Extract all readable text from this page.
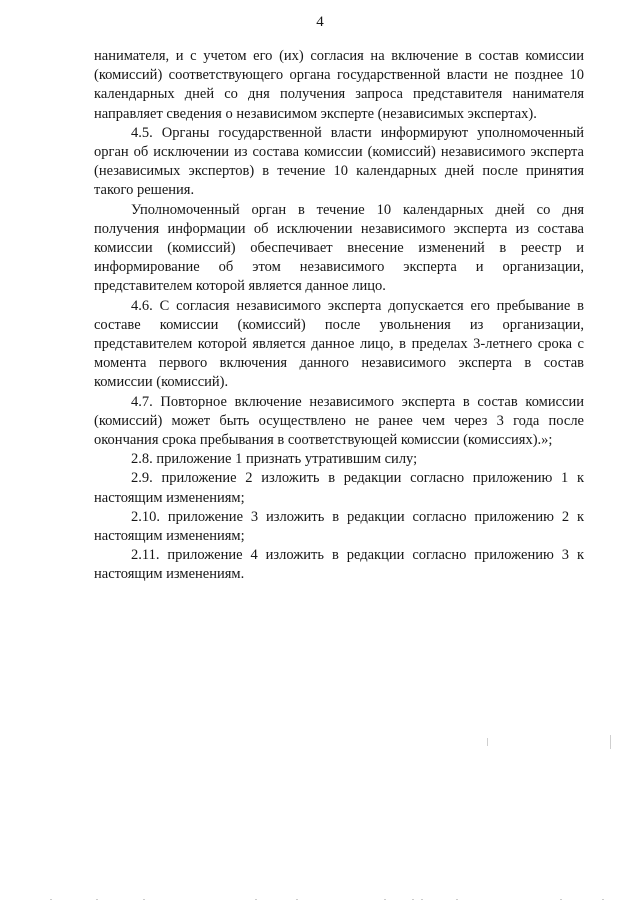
4

нанимателя, и с учетом его (их) согласия на включение в состав комиссии (комиссий) соответствующего органа государственной власти не позднее 10 календарных дней со дня получения запроса представителя нанимателя направляет сведения о независимом эксперте (независимых экспертах).

4.5. Органы государственной власти информируют уполномоченный орган об исключении из состава комиссии (комиссий) независимого эксперта (независимых экспертов) в течение 10 календарных дней после принятия такого решения.

Уполномоченный орган в течение 10 календарных дней со дня получения информации об исключении независимого эксперта из состава комиссии (комиссий) обеспечивает внесение изменений в реестр и информирование об этом независимого эксперта и организации, представителем которой является данное лицо.

4.6. С согласия независимого эксперта допускается его пребывание в составе комиссии (комиссий) после увольнения из организации, представителем которой является данное лицо, в пределах 3-летнего срока с момента первого включения данного независимого эксперта в состав комиссии (комиссий).

4.7. Повторное включение независимого эксперта в состав комиссии (комиссий) может быть осуществлено не ранее чем через 3 года после окончания срока пребывания в соответствующей комиссии (комиссиях).»;

2.8. приложение 1 признать утратившим силу;

2.9. приложение 2 изложить в редакции согласно приложению 1 к настоящим изменениям;

2.10. приложение 3 изложить в редакции согласно приложению 2 к настоящим изменениям;

2.11. приложение 4 изложить в редакции согласно приложению 3 к настоящим изменениям.
